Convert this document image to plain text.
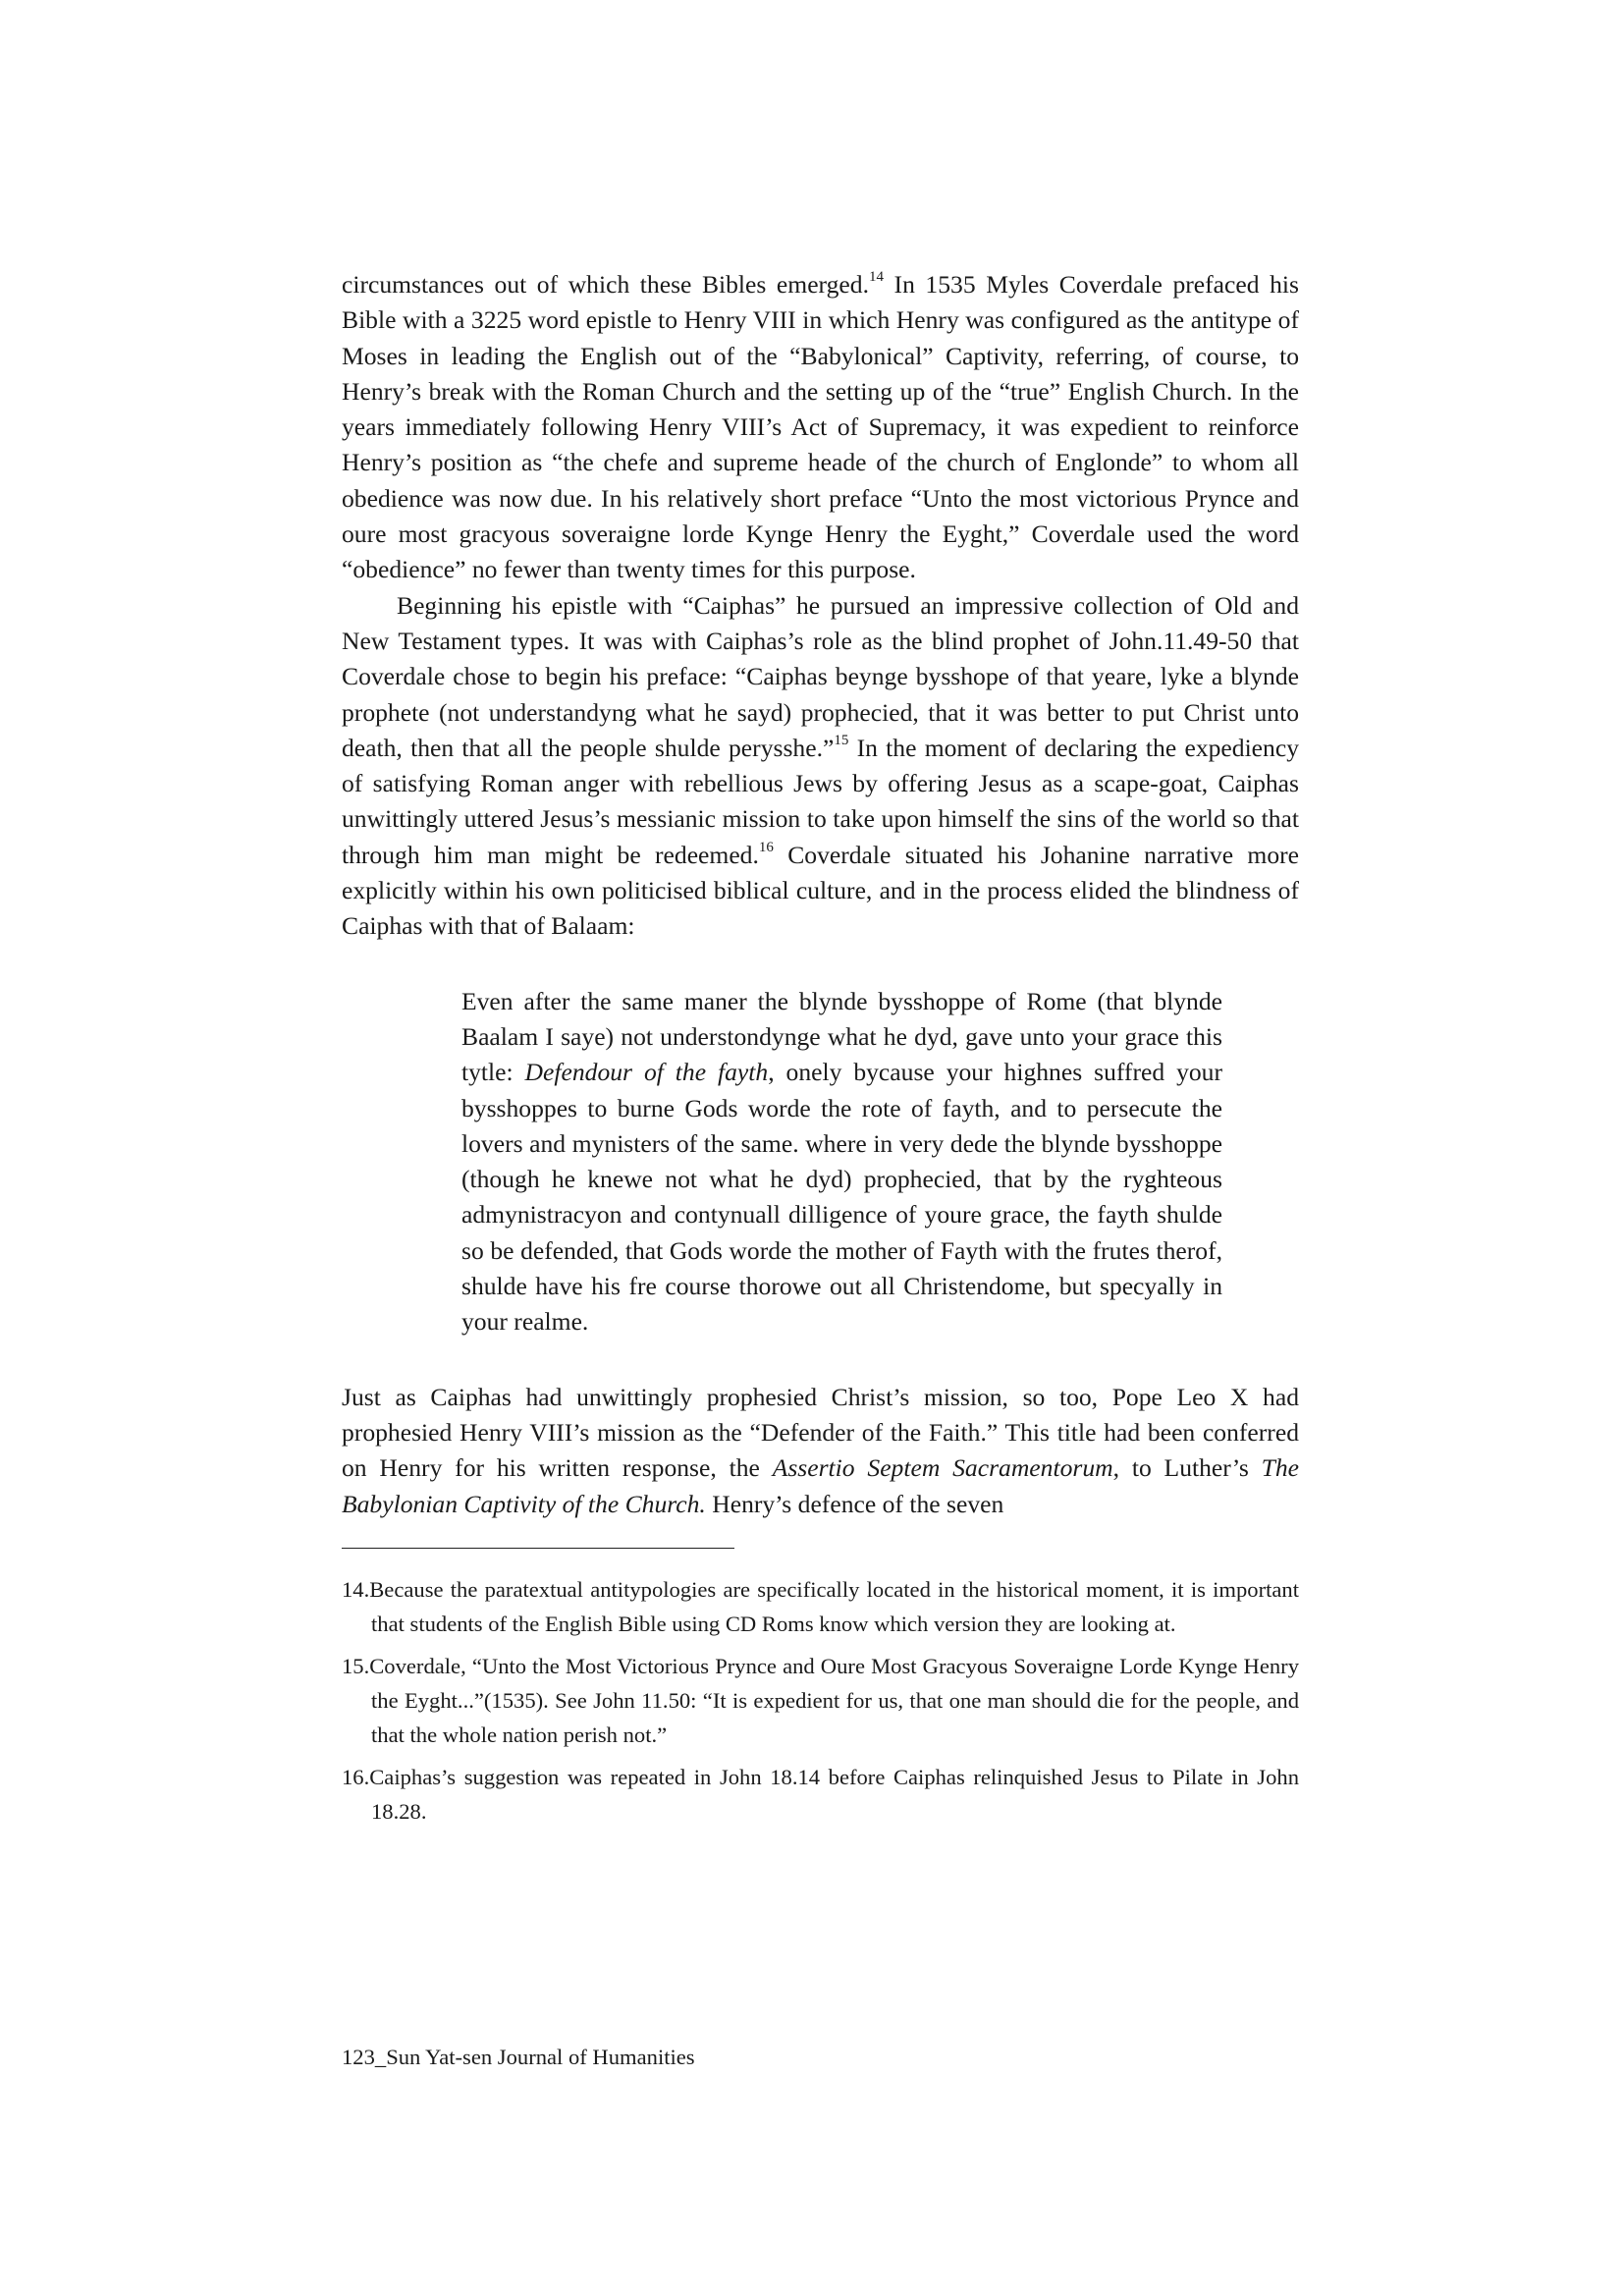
circumstances out of which these Bibles emerged.$^{14}$ In 1535 Myles Coverdale prefaced his Bible with a 3225 word epistle to Henry VIII in which Henry was configured as the antitype of Moses in leading the English out of the “Babylonical” Captivity, referring, of course, to Henry’s break with the Roman Church and the setting up of the “true” English Church. In the years immediately following Henry VIII’s Act of Supremacy, it was expedient to reinforce Henry’s position as “the chefe and supreme heade of the church of Englonde” to whom all obedience was now due. In his relatively short preface “Unto the most victorious Prynce and oure most gracyous soveraigne lorde Kynge Henry the Eyght,” Coverdale used the word “obedience” no fewer than twenty times for this purpose.

Beginning his epistle with “Caiphas” he pursued an impressive collection of Old and New Testament types. It was with Caiphas’s role as the blind prophet of John.11.49-50 that Coverdale chose to begin his preface: “Caiphas beynge bysshope of that yeare, lyke a blynde prophete (not understandyng what he sayd) prophecied, that it was better to put Christ unto death, then that all the people shulde perysshe.”$^{15}$ In the moment of declaring the expediency of satisfying Roman anger with rebellious Jews by offering Jesus as a scape-goat, Caiphas unwittingly uttered Jesus’s messianic mission to take upon himself the sins of the world so that through him man might be redeemed.$^{16}$ Coverdale situated his Johanine narrative more explicitly within his own politicised biblical culture, and in the process elided the blindness of Caiphas with that of Balaam:

Even after the same maner the blynde bysshoppe of Rome (that blynde Baalam I saye) not understondynge what he dyd, gave unto your grace this tytle: Defendour of the fayth, onely bycause your highnes suffred your bysshoppes to burne Gods worde the rote of fayth, and to persecute the lovers and mynisters of the same. where in very dede the blynde bysshoppe (though he knewe not what he dyd) prophecied, that by the ryghteous admynistracyon and contynuall dilligence of youre grace, the fayth shulde so be defended, that Gods worde the mother of Fayth with the frutes therof, shulde have his fre course thorowe out all Christendome, but specyally in your realme.

Just as Caiphas had unwittingly prophesied Christ’s mission, so too, Pope Leo X had prophesied Henry VIII’s mission as the “Defender of the Faith.” This title had been conferred on Henry for his written response, the Assertio Septem Sacramentorum, to Luther’s The Babylonian Captivity of the Church. Henry’s defence of the seven

14.Because the paratextual antitypologies are specifically located in the historical moment, it is important that students of the English Bible using CD Roms know which version they are looking at.

15.Coverdale, “Unto the Most Victorious Prynce and Oure Most Gracyous Soveraigne Lorde Kynge Henry the Eyght...”(1535). See John 11.50: “It is expedient for us, that one man should die for the people, and that the whole nation perish not.”

16.Caiphas’s suggestion was repeated in John 18.14 before Caiphas relinquished Jesus to Pilate in John 18.28.

123_Sun Yat-sen Journal of Humanities
